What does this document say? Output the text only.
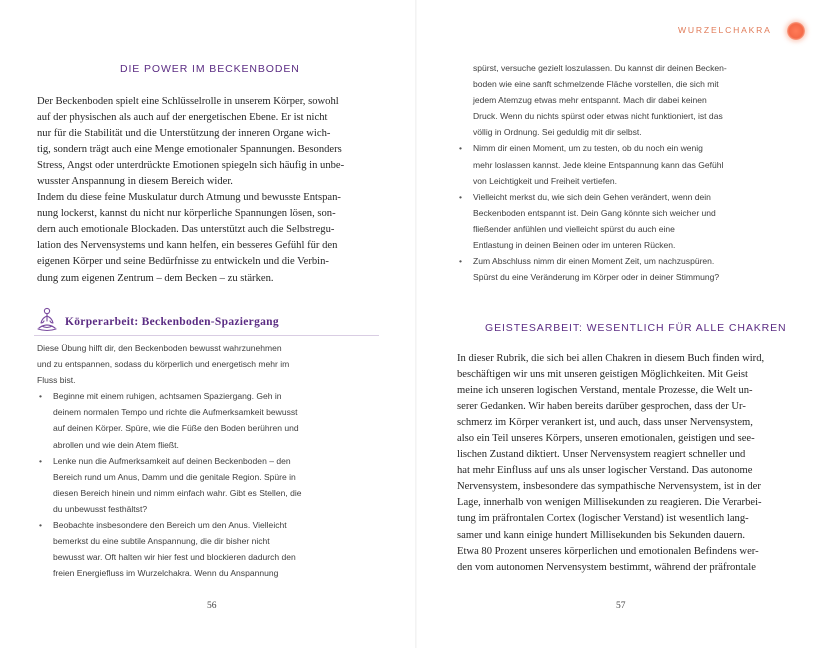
DIE POWER IM BECKENBODEN

Der Beckenboden spielt eine Schlüsselrolle in unserem Körper, sowohl

auf der physischen als auch auf der energetischen Ebene. Er ist nicht

nur für die Stabilität und die Unterstützung der inneren Organe wich-

tig, sondern trägt auch eine Menge emotionaler Spannungen. Besonders

Stress, Angst oder unterdrückte Emotionen spiegeln sich häufig in unbe-

wusster Anspannung in diesem Bereich wider.

Indem du diese feine Muskulatur durch Atmung und bewusste Entspan-

nung lockerst, kannst du nicht nur körperliche Spannungen lösen, son-

dern auch emotionale Blockaden. Das unterstützt auch die Selbstregu-

lation des Nervensystems und kann helfen, ein besseres Gefühl für den

eigenen Körper und seine Bedürfnisse zu entwickeln und die Verbin-

dung zum eigenen Zentrum – dem Becken – zu stärken.

Körperarbeit: Beckenboden-Spaziergang

Diese Übung hilft dir, den Beckenboden bewusst wahrzunehmen

und zu entspannen, sodass du körperlich und energetisch mehr im

Fluss bist.

• Beginne mit einem ruhigen, achtsamen Spaziergang. Geh in
deinem normalen Tempo und richte die Aufmerksamkeit bewusst
auf deinen Körper. Spüre, wie die Füße den Boden berühren und
abrollen und wie dein Atem fließt.
• Lenke nun die Aufmerksamkeit auf deinen Beckenboden – den
Bereich rund um Anus, Damm und die genitale Region. Spüre in
diesen Bereich hinein und nimm einfach wahr. Gibt es Stellen, die
du unbewusst festhältst?
• Beobachte insbesondere den Bereich um den Anus. Vielleicht
bemerkst du eine subtile Anspannung, die dir bisher nicht
bewusst war. Oft halten wir hier fest und blockieren dadurch den
freien Energiefluss im Wurzelchakra. Wenn du Anspannung
56
WURZELCHAKRA

spürst, versuche gezielt loszulassen. Du kannst dir deinen Becken-

boden wie eine sanft schmelzende Fläche vorstellen, die sich mit

jedem Atemzug etwas mehr entspannt. Mach dir dabei keinen

Druck. Wenn du nichts spürst oder etwas nicht funktioniert, ist das

völlig in Ordnung. Sei geduldig mit dir selbst.

• Nimm dir einen Moment, um zu testen, ob du noch ein wenig
mehr loslassen kannst. Jede kleine Entspannung kann das Gefühl
von Leichtigkeit und Freiheit vertiefen.
• Vielleicht merkst du, wie sich dein Gehen verändert, wenn dein
Beckenboden entspannt ist. Dein Gang könnte sich weicher und
fließender anfühlen und vielleicht spürst du auch eine
Entlastung in deinen Beinen oder im unteren Rücken.
• Zum Abschluss nimm dir einen Moment Zeit, um nachzuspüren.
Spürst du eine Veränderung im Körper oder in deiner Stimmung?
GEISTESARBEIT: WESENTLICH FÜR ALLE CHAKREN

In dieser Rubrik, die sich bei allen Chakren in diesem Buch finden wird,

beschäftigen wir uns mit unseren geistigen Möglichkeiten. Mit Geist

meine ich unseren logischen Verstand, mentale Prozesse, die Welt un-

serer Gedanken. Wir haben bereits darüber gesprochen, dass der Ur-

schmerz im Körper verankert ist, und auch, dass unser Nervensystem,

also ein Teil unseres Körpers, unseren emotionalen, geistigen und see-

lischen Zustand diktiert. Unser Nervensystem reagiert schneller und

hat mehr Einfluss auf uns als unser logischer Verstand. Das autonome

Nervensystem, insbesondere das sympathische Nervensystem, ist in der

Lage, innerhalb von wenigen Millisekunden zu reagieren. Die Verarbei-

tung im präfrontalen Cortex (logischer Verstand) ist wesentlich lang-

samer und kann einige hundert Millisekunden bis Sekunden dauern.

Etwa 80 Prozent unseres körperlichen und emotionalen Befindens wer-

den vom autonomen Nervensystem bestimmt, während der präfrontale

57
